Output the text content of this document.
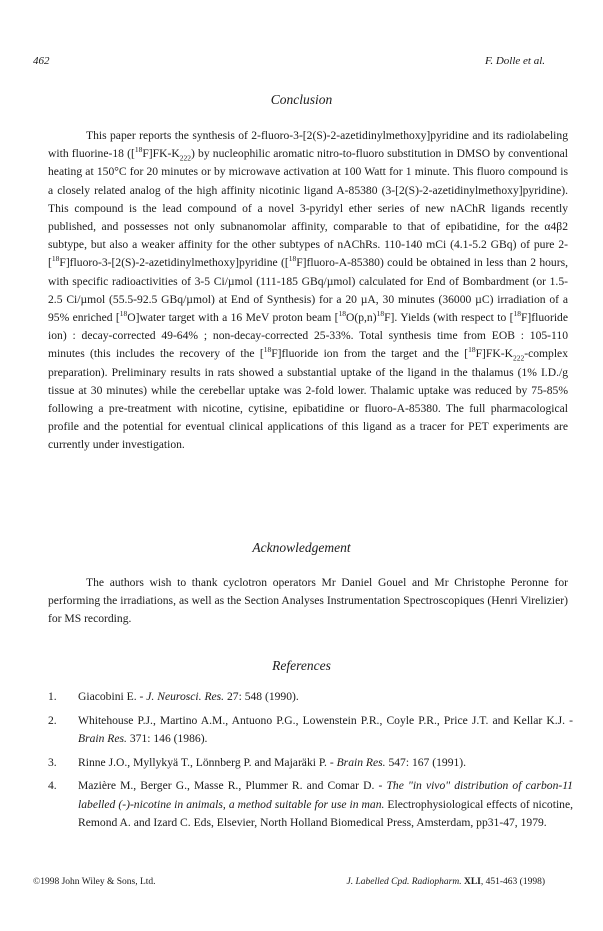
462	F. Dolle et al.
Conclusion

This paper reports the synthesis of 2-fluoro-3-[2(S)-2-azetidinylmethoxy]pyridine and its radiolabeling with fluorine-18 $([^{18}F]FK-K_{222})$ by nucleophilic aromatic nitro-to-fluoro substitution in DMSO by conventional heating at 150°C for 20 minutes or by microwave activation at 100 Watt for 1 minute. This fluoro compound is a closely related analog of the high affinity nicotinic ligand A-85380 (3-[2(S)-2-azetidinylmethoxy]pyridine). This compound is the lead compound of a novel 3-pyridyl ether series of new nAChR ligands recently published, and possesses not only subnanomolar affinity, comparable to that of epibatidine, for the α4β2 subtype, but also a weaker affinity for the other subtypes of nAChRs. 110-140 mCi (4.1-5.2 GBq) of pure 2-[$^{18}$F]fluoro-3-[2(S)-2-azetidinylmethoxy]pyridine ([$^{18}$F]fluoro-A-85380) could be obtained in less than 2 hours, with specific radioactivities of 3-5 Ci/µmol (111-185 GBq/µmol) calculated for End of Bombardment (or 1.5-2.5 Ci/µmol (55.5-92.5 GBq/µmol) at End of Synthesis) for a 20 µA, 30 minutes (36000 µC) irradiation of a 95% enriched [$^{18}$O]water target with a 16 MeV proton beam $[^{18}O(p,n)^{18}F]$. Yields (with respect to [$^{18}$F]fluoride ion) : decay-corrected 49-64% ; non-decay-corrected 25-33%. Total synthesis time from EOB : 105-110 minutes (this includes the recovery of the [$^{18}$F]fluoride ion from the target and the $[^{18}F]FK-K_{222}$-complex preparation). Preliminary results in rats showed a substantial uptake of the ligand in the thalamus (1% I.D./g tissue at 30 minutes) while the cerebellar uptake was 2-fold lower. Thalamic uptake was reduced by 75-85% following a pre-treatment with nicotine, cytisine, epibatidine or fluoro-A-85380. The full pharmacological profile and the potential for eventual clinical applications of this ligand as a tracer for PET experiments are currently under investigation.

Acknowledgement

The authors wish to thank cyclotron operators Mr Daniel Gouel and Mr Christophe Peronne for performing the irradiations, as well as the Section Analyses Instrumentation Spectroscopiques (Henri Virelizier) for MS recording.

References
1.	Giacobini E. - J. Neurosci. Res. 27: 548 (1990).
2.	Whitehouse P.J., Martino A.M., Antuono P.G., Lowenstein P.R., Coyle P.R., Price J.T. and Kellar K.J. - Brain Res. 371: 146 (1986).
3.	Rinne J.O., Myllykyä T., Lönnberg P. and Majaräki P. - Brain Res. 547: 167 (1991).
4.	Mazière M., Berger G., Masse R., Plummer R. and Comar D. - The "in vivo" distribution of carbon-11 labelled (-)-nicotine in animals, a method suitable for use in man. Electrophysiological effects of nicotine, Remond A. and Izard C. Eds, Elsevier, North Holland Biomedical Press, Amsterdam, pp31-47, 1979.
©1998 John Wiley & Sons, Ltd.	J. Labelled Cpd. Radiopharm. XLI, 451-463 (1998)
